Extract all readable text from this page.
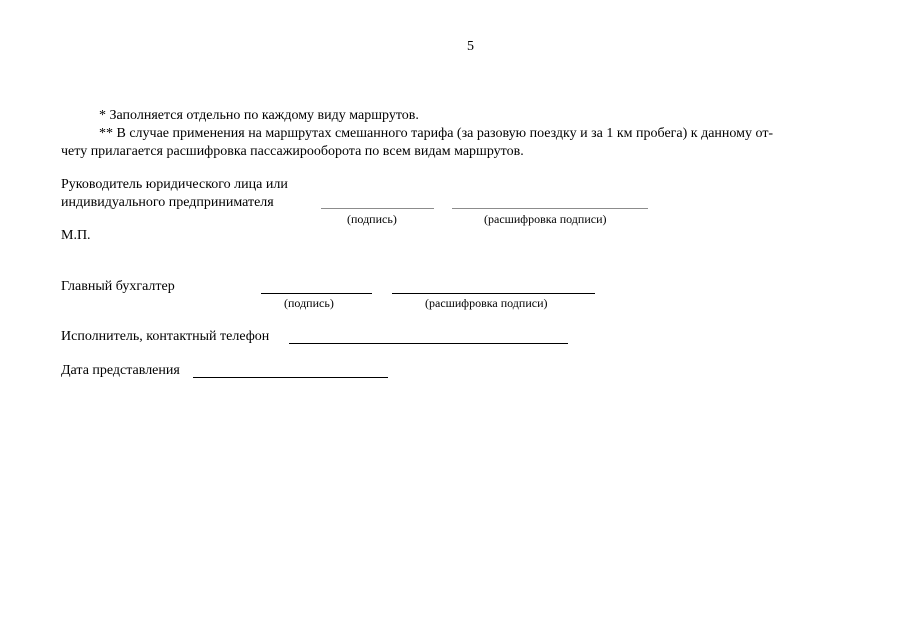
5
* Заполняется отдельно по каждому виду маршрутов.
** В случае применения на маршрутах смешанного тарифа (за разовую поездку и за 1 км пробега) к данному от-
чету прилагается расшифровка пассажирооборота по всем видам маршрутов.
Руководитель юридического лица или
индивидуального предпринимателя
(подпись)	(расшифровка подписи)
М.П.
Главный бухгалтер
(подпись)	(расшифровка подписи)
Исполнитель, контактный телефон
Дата представления
